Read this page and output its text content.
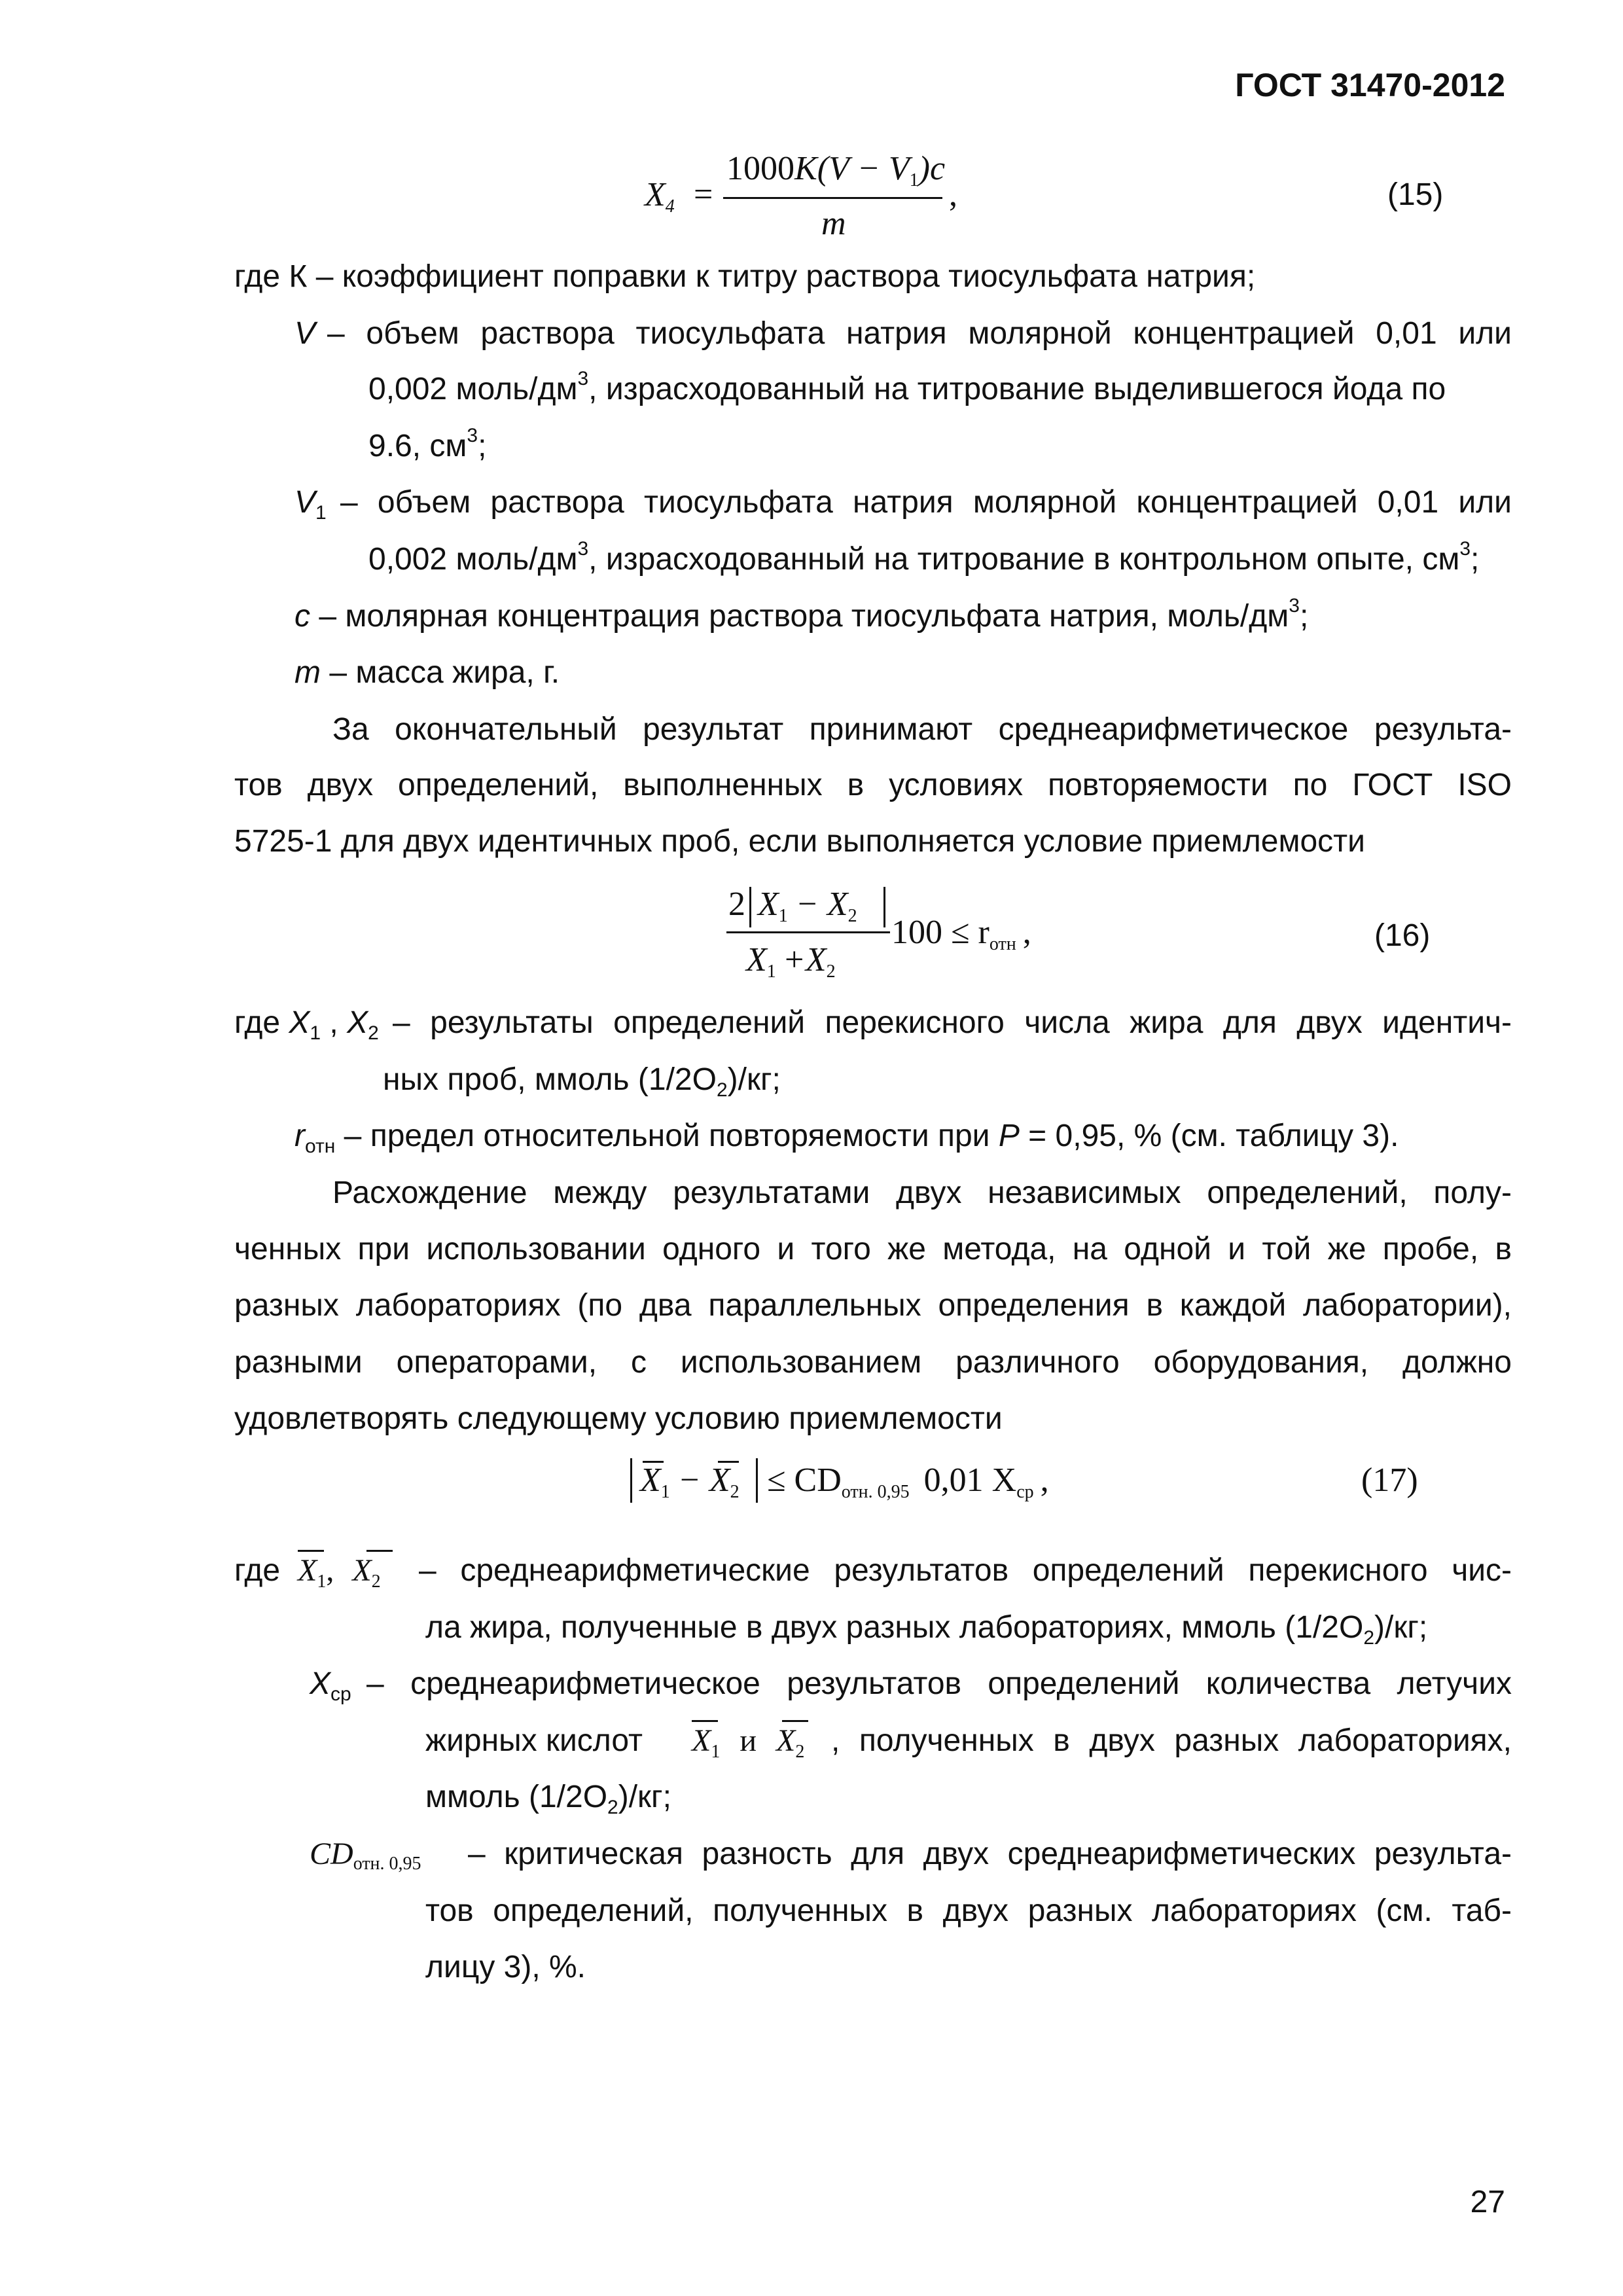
ГОСТ 31470-2012
X4 =
1000K(V − V1)c
m
,	(15)
где К – коэффициент поправки к титру раствора тиосульфата натрия;
V – объем раствора тиосульфата натрия молярной концентрацией 0,01 или
0,002 моль/$дм^3$, израсходованный на титрование выделившегося йода по
9.6, $см^3$;
$V_1$ – объем раствора тиосульфата натрия молярной концентрацией 0,01 или
0,002 моль/$дм^3$, израсходованный на титрование в контрольном опыте, $см^3$;
c – молярная концентрация раствора тиосульфата натрия, моль/$дм^3$;
m – масса жира, г.
За окончательный результат принимают среднеарифметическое результа-
тов двух определений, выполненных в условиях повторяемости по ГОСТ ISO
5725-1 для двух идентичных проб, если выполняется условие приемлемости
2 X1 − X2
X1 +X2
100 ≤ rотн ,	(16)
где $X_1$ , $X_2$ – результаты определений перекисного числа жира для двух идентич-
ных проб, ммоль $(1/2О_2)/кг$;
$r_{отн}$ – предел относительной повторяемости при P = 0,95, % (см. таблицу 3).
Расхождение между результатами двух независимых определений, полу-
ченных при использовании одного и того же метода, на одной и той же пробе, в
разных лабораториях (по два параллельных определения в каждой лаборатории),
разными операторами, с использованием различного оборудования, должно
удовлетворять следующему условию приемлемости
X1 − X2 ≤ CDотн. 0,95 0,01 Xср ,	(17)
где $X_1$, $X_2$ – среднеарифметические результатов определений перекисного чис-
ла жира, полученные в двух разных лабораториях, ммоль $(1/2О_2)/кг$;
$X_{ср}$ – среднеарифметическое результатов определений количества летучих
жирных кислот $X_1$ и $X_2$ , полученных в двух разных лабораториях,
ммоль $(1/2О_2)/кг$;
CDотн. 0,95 – критическая разность для двух среднеарифметических результа-
тов определений, полученных в двух разных лабораториях (см. таб-
лицу 3), %.
27
